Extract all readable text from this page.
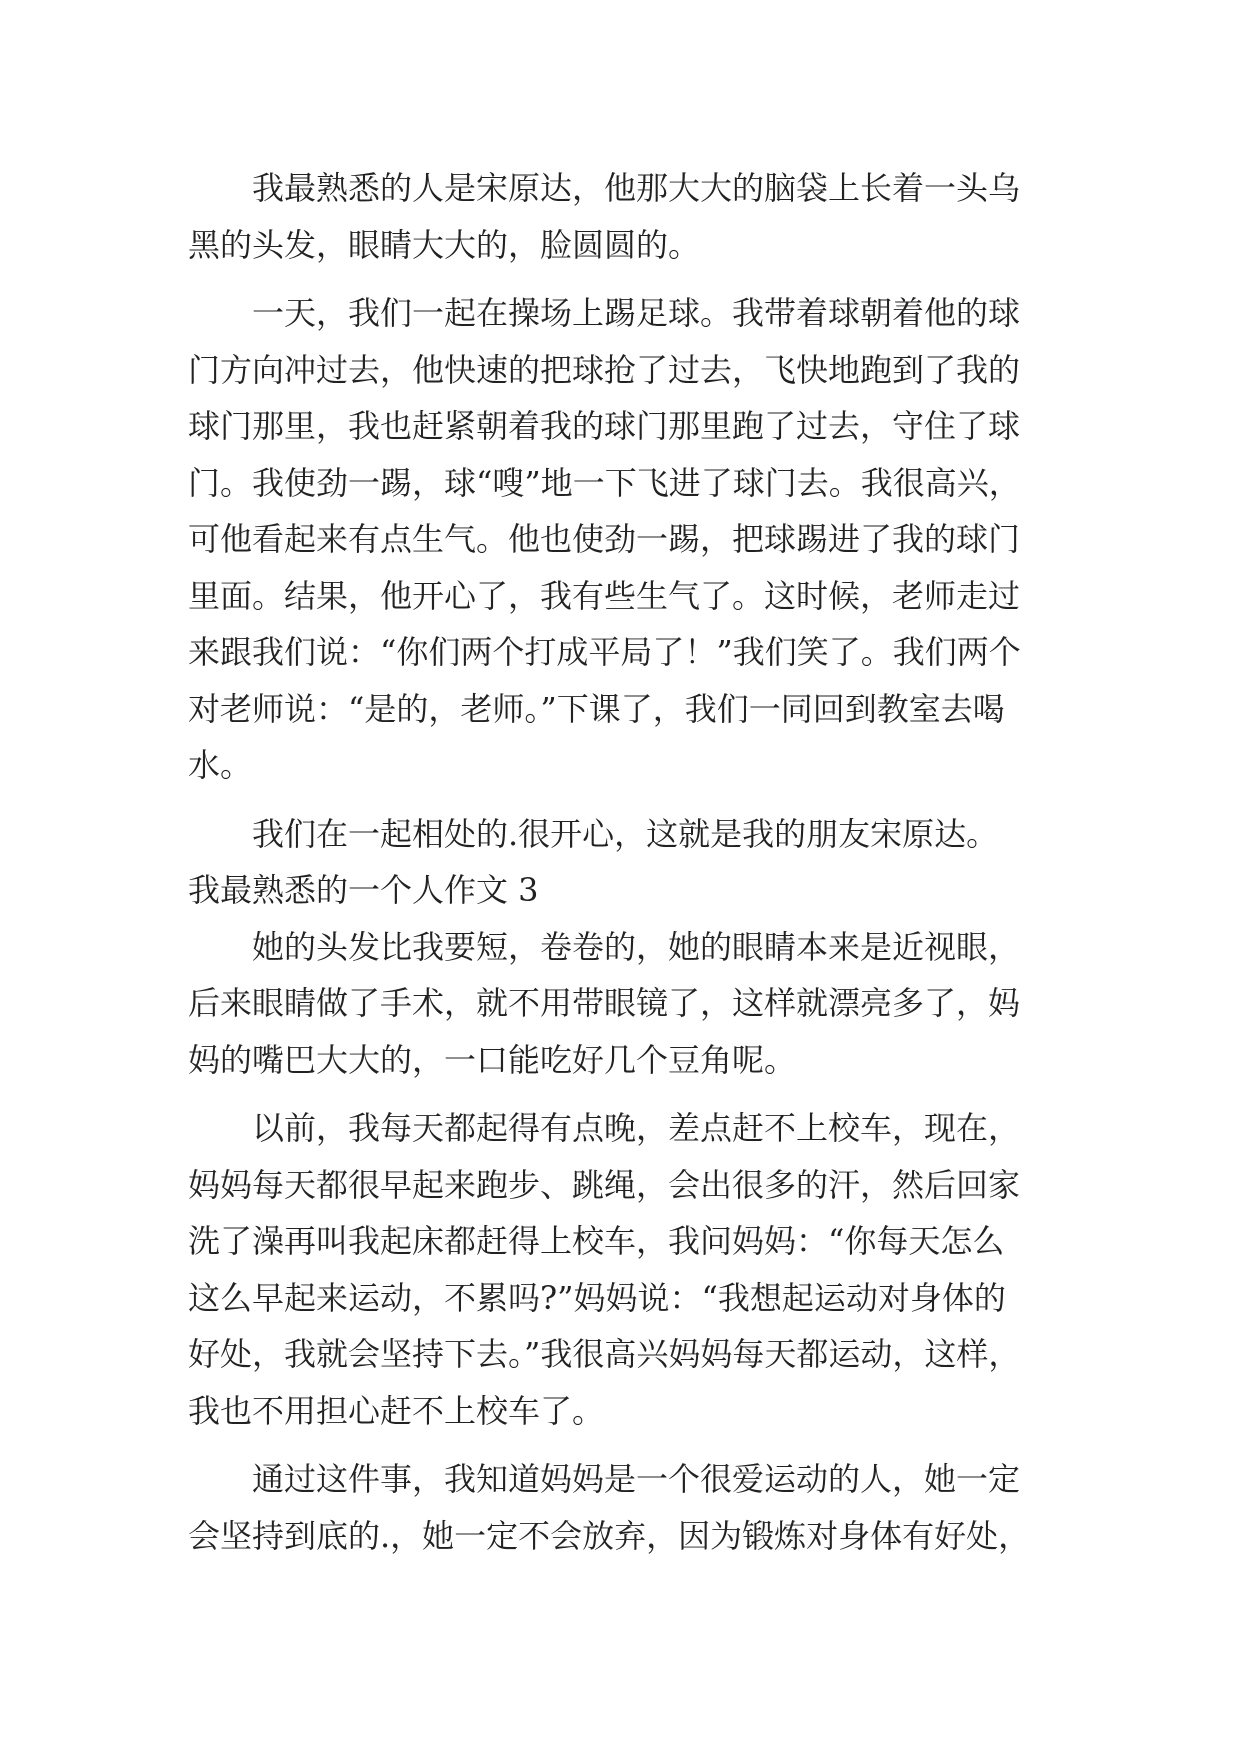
我最熟悉的人是宋原达，他那大大的脑袋上长着一头乌
黑的头发，眼睛大大的，脸圆圆的。
一天，我们一起在操场上踢足球。我带着球朝着他的球
门方向冲过去，他快速的把球抢了过去，飞快地跑到了我的
球门那里，我也赶紧朝着我的球门那里跑了过去，守住了球
门。我使劲一踢，球“嗖”地一下飞进了球门去。我很高兴，
可他看起来有点生气。他也使劲一踢，把球踢进了我的球门
里面。结果，他开心了，我有些生气了。这时候，老师走过
来跟我们说：“你们两个打成平局了！”我们笑了。我们两个
对老师说：“是的，老师。”下课了，我们一同回到教室去喝
水。
我们在一起相处的.很开心，这就是我的朋友宋原达。
我最熟悉的一个人作文 3
她的头发比我要短，卷卷的，她的眼睛本来是近视眼，
后来眼睛做了手术，就不用带眼镜了，这样就漂亮多了，妈
妈的嘴巴大大的，一口能吃好几个豆角呢。
以前，我每天都起得有点晚，差点赶不上校车，现在，
妈妈每天都很早起来跑步、跳绳，会出很多的汗，然后回家
洗了澡再叫我起床都赶得上校车，我问妈妈：“你每天怎么
这么早起来运动，不累吗?”妈妈说：“我想起运动对身体的
好处，我就会坚持下去。”我很高兴妈妈每天都运动，这样，
我也不用担心赶不上校车了。
通过这件事，我知道妈妈是一个很爱运动的人，她一定
会坚持到底的.，她一定不会放弃，因为锻炼对身体有好处，
